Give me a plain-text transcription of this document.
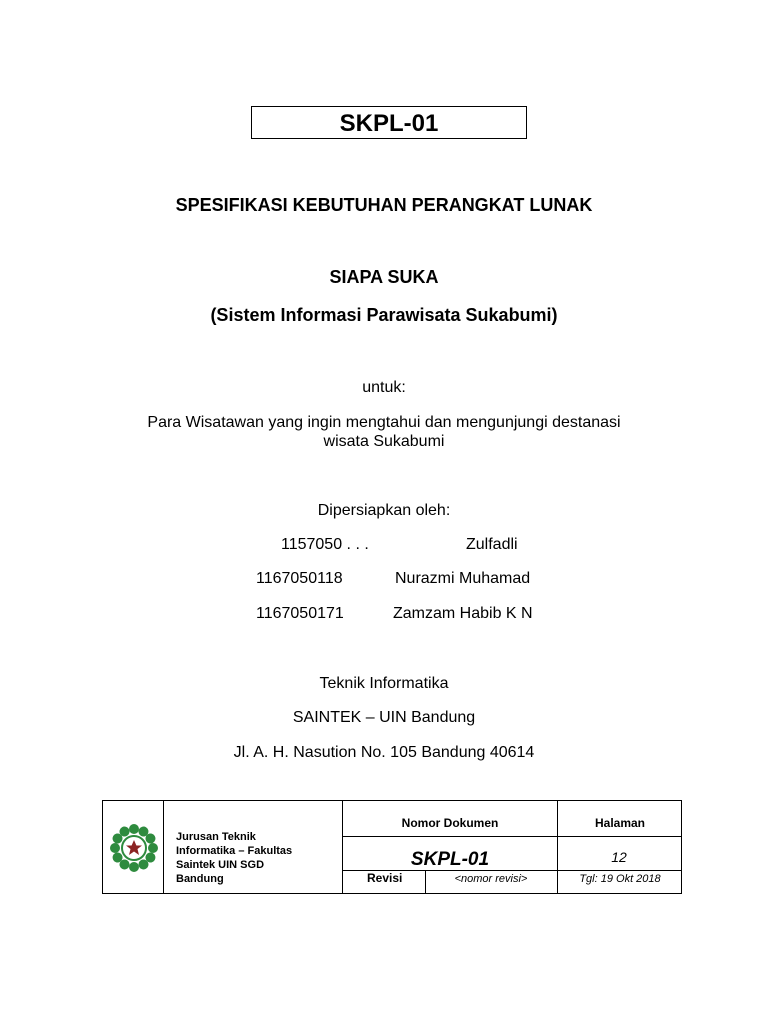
SKPL-01
SPESIFIKASI KEBUTUHAN PERANGKAT LUNAK
SIAPA SUKA
(Sistem Informasi Parawisata Sukabumi)
untuk:
Para Wisatawan yang ingin mengtahui dan mengunjungi destanasi
wisata Sukabumi
Dipersiapkan oleh:
1157050 . . .	Zulfadli
1167050118	Nurazmi Muhamad
1167050171	Zamzam Habib K N
Teknik Informatika
SAINTEK – UIN Bandung
Jl. A. H. Nasution No. 105 Bandung 40614
Jurusan Teknik
Informatika – Fakultas
Saintek UIN SGD
Bandung
Nomor Dokumen	Halaman
SKPL-01	12
Revisi	<nomor revisi>	Tgl: 19 Okt 2018
